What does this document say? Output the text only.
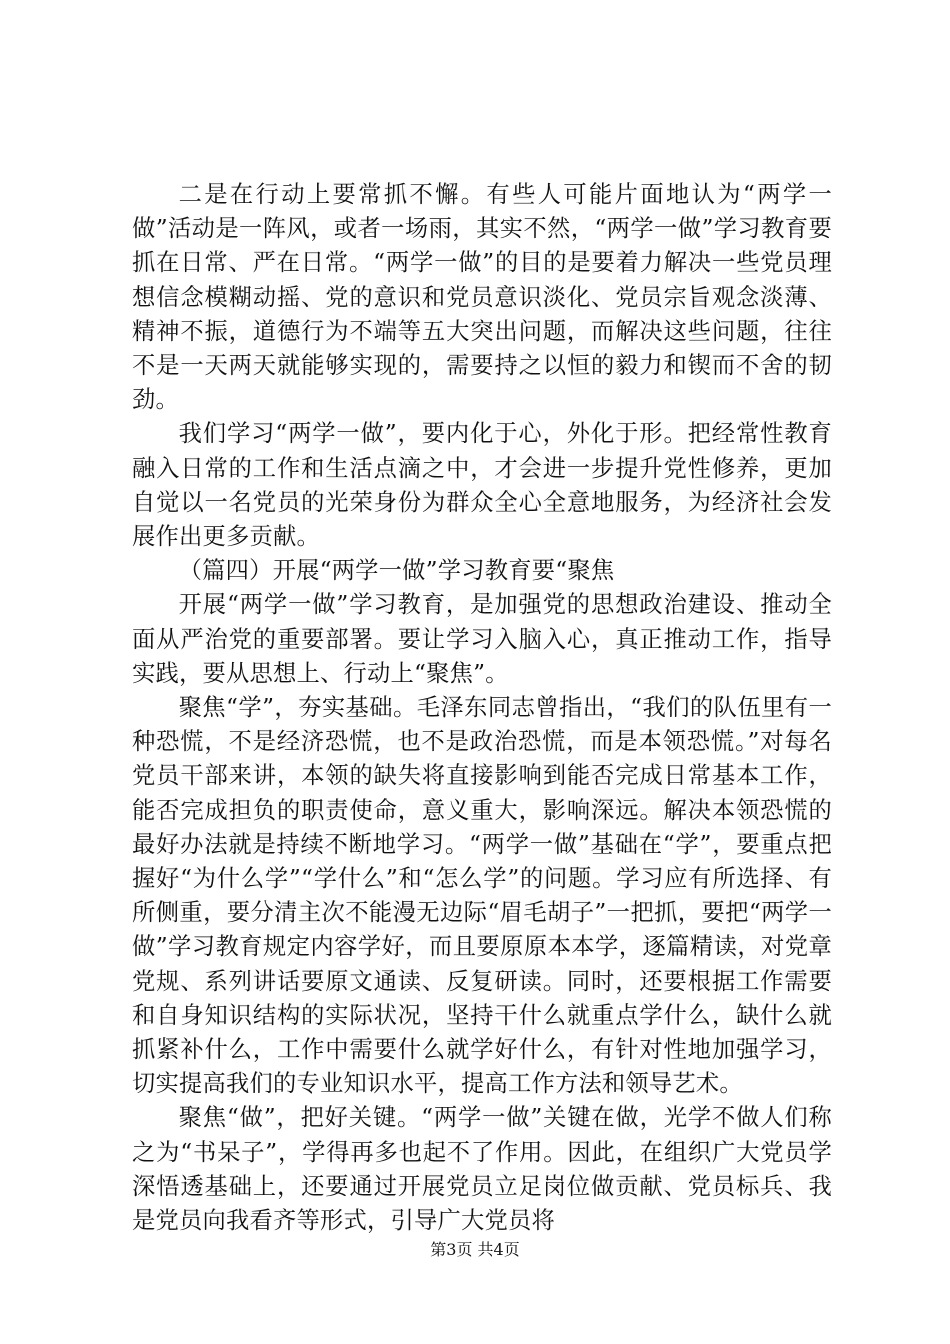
二是在行动上要常抓不懈。有些人可能片面地认为“两学一做”活动是一阵风，或者一场雨，其实不然，“两学一做”学习教育要抓在日常、严在日常。“两学一做”的目的是要着力解决一些党员理想信念模糊动摇、党的意识和党员意识淡化、党员宗旨观念淡薄、精神不振，道德行为不端等五大突出问题，而解决这些问题，往往不是一天两天就能够实现的，需要持之以恒的毅力和锲而不舍的韧劲。

我们学习“两学一做”，要内化于心，外化于形。把经常性教育融入日常的工作和生活点滴之中，才会进一步提升党性修养，更加自觉以一名党员的光荣身份为群众全心全意地服务，为经济社会发展作出更多贡献。

（篇四）开展“两学一做”学习教育要“聚焦

开展“两学一做”学习教育，是加强党的思想政治建设、推动全面从严治党的重要部署。要让学习入脑入心，真正推动工作，指导实践，要从思想上、行动上“聚焦”。

聚焦“学”，夯实基础。毛泽东同志曾指出，“我们的队伍里有一种恐慌，不是经济恐慌，也不是政治恐慌，而是本领恐慌。”对每名党员干部来讲，本领的缺失将直接影响到能否完成日常基本工作，能否完成担负的职责使命，意义重大，影响深远。解决本领恐慌的最好办法就是持续不断地学习。“两学一做”基础在“学”，要重点把握好“为什么学”“学什么”和“怎么学”的问题。学习应有所选择、有所侧重，要分清主次不能漫无边际“眉毛胡子”一把抓，要把“两学一做”学习教育规定内容学好，而且要原原本本学，逐篇精读，对党章党规、系列讲话要原文通读、反复研读。同时，还要根据工作需要和自身知识结构的实际状况，坚持干什么就重点学什么，缺什么就抓紧补什么，工作中需要什么就学好什么，有针对性地加强学习，切实提高我们的专业知识水平，提高工作方法和领导艺术。

聚焦“做”，把好关键。“两学一做”关键在做，光学不做人们称之为“书呆子”，学得再多也起不了作用。因此，在组织广大党员学深悟透基础上，还要通过开展党员立足岗位做贡献、党员标兵、我是党员向我看齐等形式，引导广大党员将

第3页 共4页
